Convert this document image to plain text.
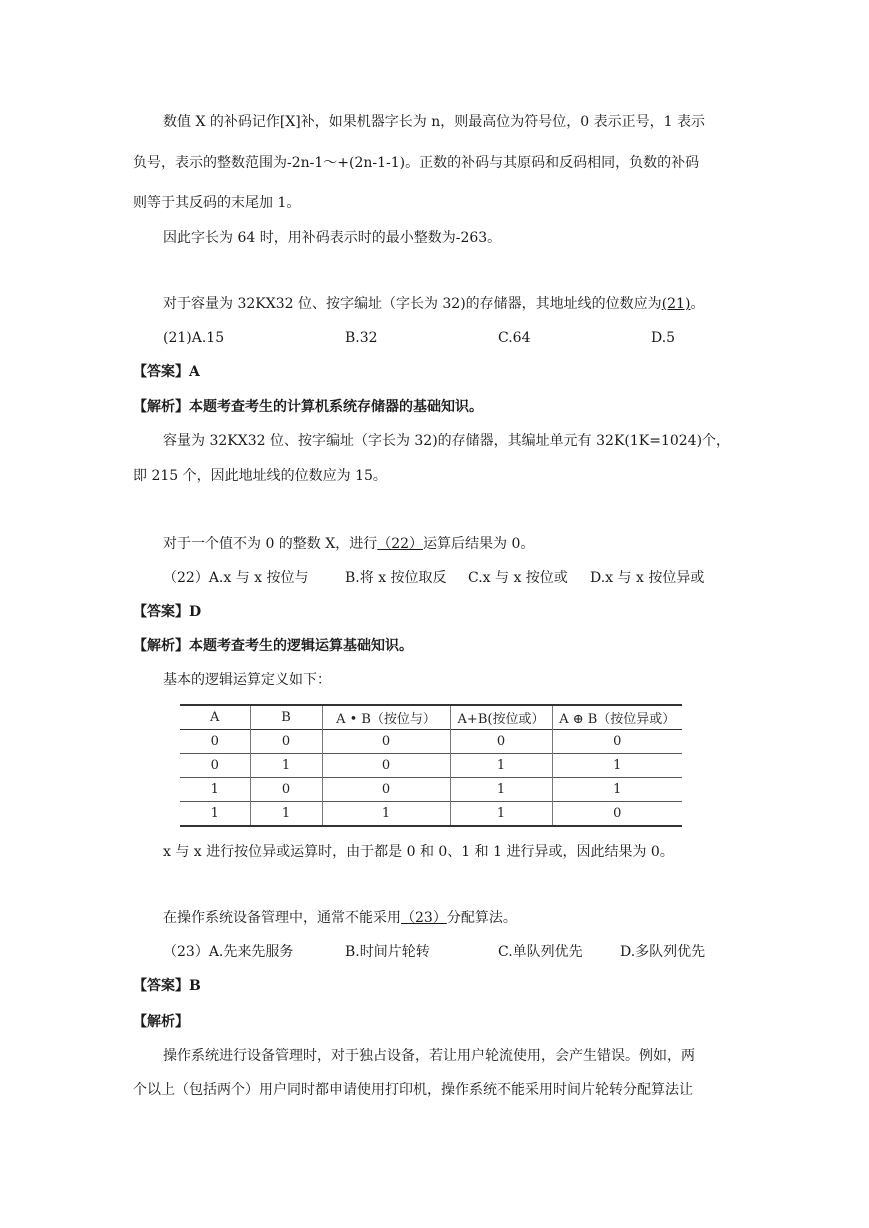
数值 X 的补码记作[X]补，如果机器字长为 n，则最高位为符号位，0 表示正号，1 表示
负号，表示的整数范围为-2n-1～+(2n-1-1)。正数的补码与其原码和反码相同，负数的补码
则等于其反码的末尾加 1。
因此字长为 64 时，用补码表示时的最小整数为-263。
对于容量为 32KX32 位、按字编址（字长为 32)的存储器，其地址线的位数应为(21)。
(21)A.15	B.32	C.64	D.5
【答案】A
【解析】本题考查考生的计算机系统存储器的基础知识。
容量为 32KX32 位、按字编址（字长为 32)的存储器，其编址单元有 32K(1K=1024)个，
即 215 个，因此地址线的位数应为 15。
对于一个值不为 0 的整数 X，进行（22）运算后结果为 0。
（22）A.x 与 x 按位与	B.将 x 按位取反 C.x 与 x 按位或 D.x 与 x 按位异或
【答案】D
【解析】本题考查考生的逻辑运算基础知识。
基本的逻辑运算定义如下：
A	B	A • B（按位与）	A+B(按位或）	A ⊕ B（按位异或）
0	0	0	0	0
0	1	0	1	1
1	0	0	1	1
1	1	1	1	0
x 与 x 进行按位异或运算时，由于都是 0 和 0、1 和 1 进行异或，因此结果为 0。
在操作系统设备管理中，通常不能采用（23）分配算法。
（23）A.先来先服务	B.时间片轮转	C.单队列优先	D.多队列优先
【答案】B
【解析】
操作系统进行设备管理时，对于独占设备，若让用户轮流使用，会产生错误。例如，两
个以上（包括两个）用户同时都申请使用打印机，操作系统不能采用时间片轮转分配算法让
